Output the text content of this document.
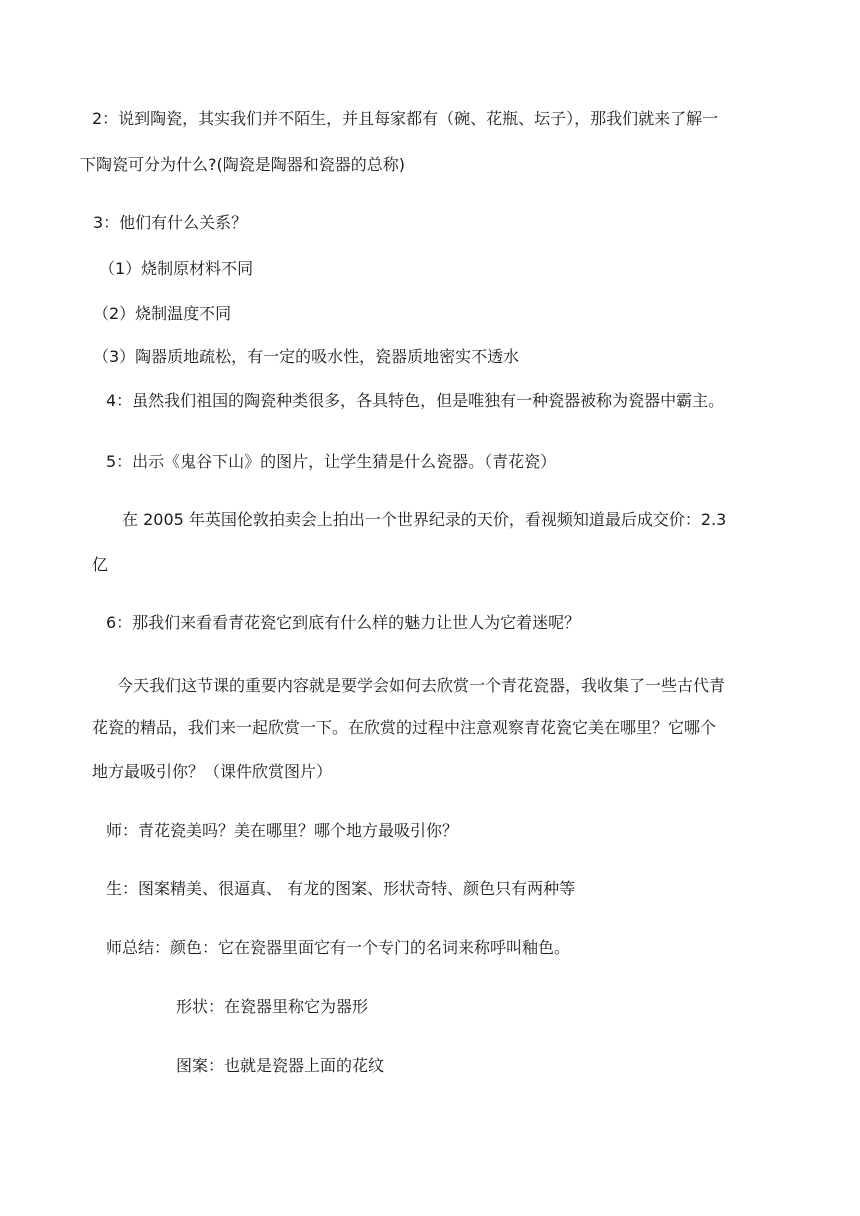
2：说到陶瓷，其实我们并不陌生，并且每家都有（碗、花瓶、坛子），那我们就来了解一
下陶瓷可分为什么?(陶瓷是陶器和瓷器的总称)
3：他们有什么关系？
（1）烧制原材料不同
（2）烧制温度不同
（3）陶器质地疏松，有一定的吸水性，瓷器质地密实不透水
4：虽然我们祖国的陶瓷种类很多，各具特色，但是唯独有一种瓷器被称为瓷器中霸主。
5：出示《鬼谷下山》的图片，让学生猜是什么瓷器。（青花瓷）
在 2005 年英国伦敦拍卖会上拍出一个世界纪录的天价，看视频知道最后成交价：2.3
亿
6：那我们来看看青花瓷它到底有什么样的魅力让世人为它着迷呢？
今天我们这节课的重要内容就是要学会如何去欣赏一个青花瓷器，我收集了一些古代青
花瓷的精品，我们来一起欣赏一下。在欣赏的过程中注意观察青花瓷它美在哪里？它哪个
地方最吸引你？（课件欣赏图片）
师：青花瓷美吗？美在哪里？哪个地方最吸引你？
生：图案精美、很逼真、 有龙的图案、形状奇特、颜色只有两种等
师总结：颜色：它在瓷器里面它有一个专门的名词来称呼叫釉色。
形状：在瓷器里称它为器形
图案：也就是瓷器上面的花纹
